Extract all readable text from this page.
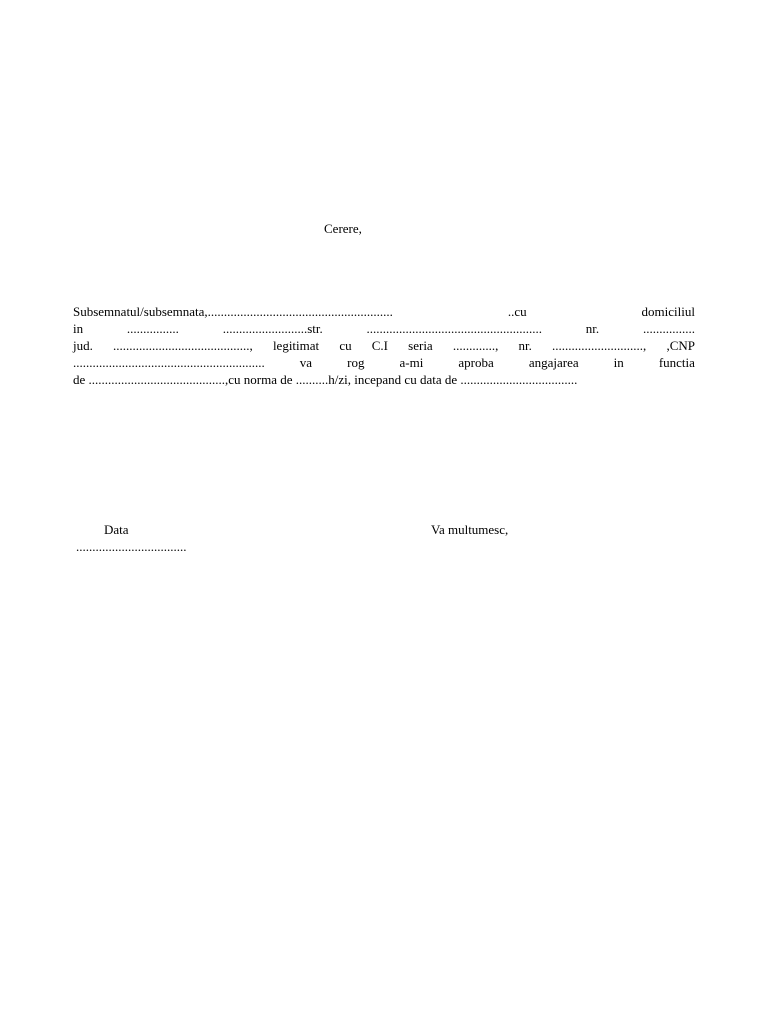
Cerere,
Subsemnatul/subsemnata,.........................................................	..cu	domiciliul
in	................	..........................str.	......................................................	nr.	................
jud. .........................................., legitimat cu C.I seria ............., nr. ............................, ,CNP
...........................................................	va	rog	a-mi	aproba	angajarea	in	functia
de ..........................................,cu norma de ..........h/zi, incepand cu data de ....................................
Data	Va multumesc,
..................................
